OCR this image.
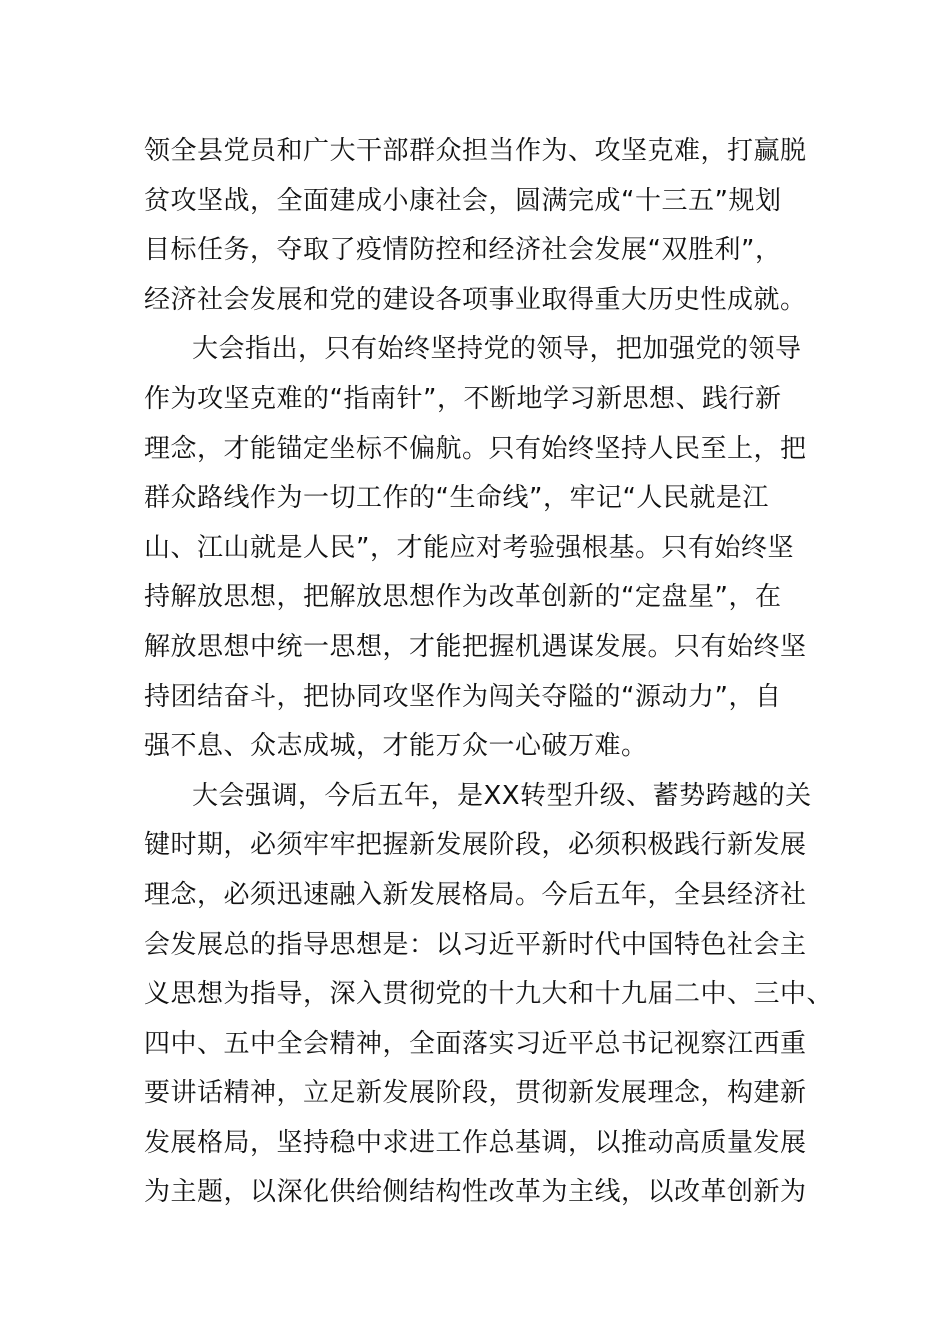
领全县党员和广大干部群众担当作为、攻坚克难，打赢脱
贫攻坚战，全面建成小康社会，圆满完成“十三五”规划
目标任务，夺取了疫情防控和经济社会发展“双胜利”，
经济社会发展和党的建设各项事业取得重大历史性成就。
大会指出，只有始终坚持党的领导，把加强党的领导
作为攻坚克难的“指南针”，不断地学习新思想、践行新
理念，才能锚定坐标不偏航。只有始终坚持人民至上，把
群众路线作为一切工作的“生命线”，牢记“人民就是江
山、江山就是人民”，才能应对考验强根基。只有始终坚
持解放思想，把解放思想作为改革创新的“定盘星”，在
解放思想中统一思想，才能把握机遇谋发展。只有始终坚
持团结奋斗，把协同攻坚作为闯关夺隘的“源动力”，自
强不息、众志成城，才能万众一心破万难。
大会强调，今后五年，是XX转型升级、蓄势跨越的关
键时期，必须牢牢把握新发展阶段，必须积极践行新发展
理念，必须迅速融入新发展格局。今后五年，全县经济社
会发展总的指导思想是：以习近平新时代中国特色社会主
义思想为指导，深入贯彻党的十九大和十九届二中、三中、
四中、五中全会精神，全面落实习近平总书记视察江西重
要讲话精神，立足新发展阶段，贯彻新发展理念，构建新
发展格局，坚持稳中求进工作总基调，以推动高质量发展
为主题，以深化供给侧结构性改革为主线，以改革创新为
